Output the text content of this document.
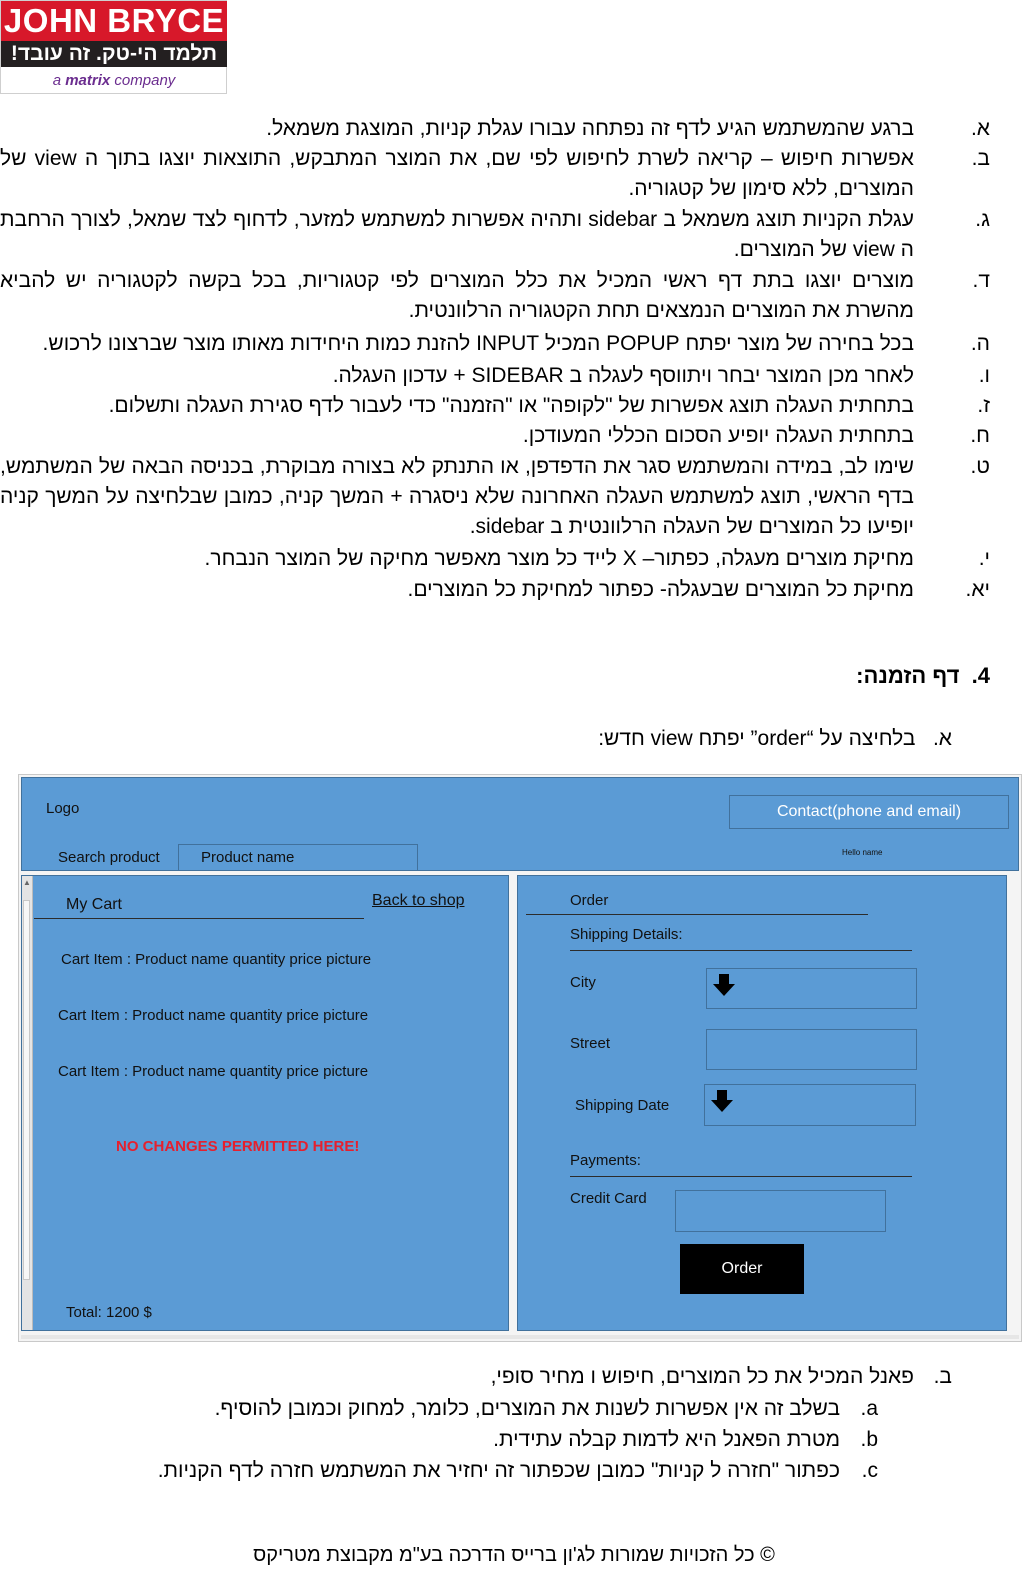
JOHN BRYCE
תלמד הי-טק. זה עובד!
a matrix company
א.
ברגע שהמשתמש הגיע לדף זה נפתחה עבורו עגלת קניות, המוצגת משמאל.
ב.
אפשרות חיפוש – קריאה לשרת לחיפוש לפי שם, את המוצר המתבקש, התוצאות יוצגו בתוך ה view של המוצרים, ללא סימון של קטגוריה.
ג.
עגלת הקניות תוצג משמאל ב sidebar ותהיה אפשרות למשתמש למזער, לדחוף לצד שמאל, לצורך הרחבת ה view של המוצרים.
ד.
מוצרים יוצגו בתת דף ראשי המכיל את כלל המוצרים לפי קטגוריות, בכל בקשה לקטגוריה יש להביא מהשרת את המוצרים הנמצאים תחת הקטגוריה הרלוונטית.
ה.
בכל בחירה של מוצר יפתח POPUP המכיל INPUT להזנת כמות היחידות מאותו מוצר שברצונו לרכוש.
ו.
לאחר מכן המוצר יבחר ויתווסף לעגלה ב SIDEBAR + עדכון העגלה.
ז.
בתחתית העגלה תוצג אפשרות של "לקופה" או "הזמנה" כדי לעבור לדף סגירת העגלה ותשלום.
ח.
בתחתית העגלה יופיע הסכום הכללי המעודכן.
ט.
שימו לב, במידה והמשתמש סגר את הדפדפן, או התנתק לא בצורה מבוקרת, בכניסה הבאה של המשתמש, בדף הראשי, תוצג למשתמש העגלה האחרונה שלא ניסגרה + המשך קניה, כמובן שבלחיצה על המשך קניה יופיעו כל המוצרים של העגלה הרלוונטית ב sidebar.
י.
מחיקת מוצרים מעגלה, כפתור– X לייד כל מוצר מאפשר מחיקה של המוצר הנבחר.
יא.
מחיקת כל המוצרים שבעגלה- כפתור למחיקת כל המוצרים.
4.  דף הזמנה:
א.   בלחיצה על “order” יפתח view חדש:
Logo	Contact(phone and email)
Search product	Product name	Hello name
▲
My Cart	Back to shop
Cart Item : Product name quantity price picture
Cart Item : Product name quantity price picture
Cart Item : Product name quantity price picture
NO CHANGES PERMITTED HERE!
Total: 1200 $
Order
Shipping Details:
City
Street
Shipping Date
Payments:
Credit Card
Order
ב.
פאנל המכיל את כל המוצרים, חיפוש ו מחיר סופי,
a.
בשלב זה אין אפשרות לשנות את המוצרים, כלומר, למחוק וכמובן להוסיף.
b.
מטרת הפאנל היא לדמות קבלה עתידית.
c.
כפתור "חזרה ל קניות" כמובן שכפתור זה יחזיר את המשתמש חזרה לדף הקניות.
© כל הזכויות שמורות לג'ון ברייס הדרכה בע"מ מקבוצת מטריקס
